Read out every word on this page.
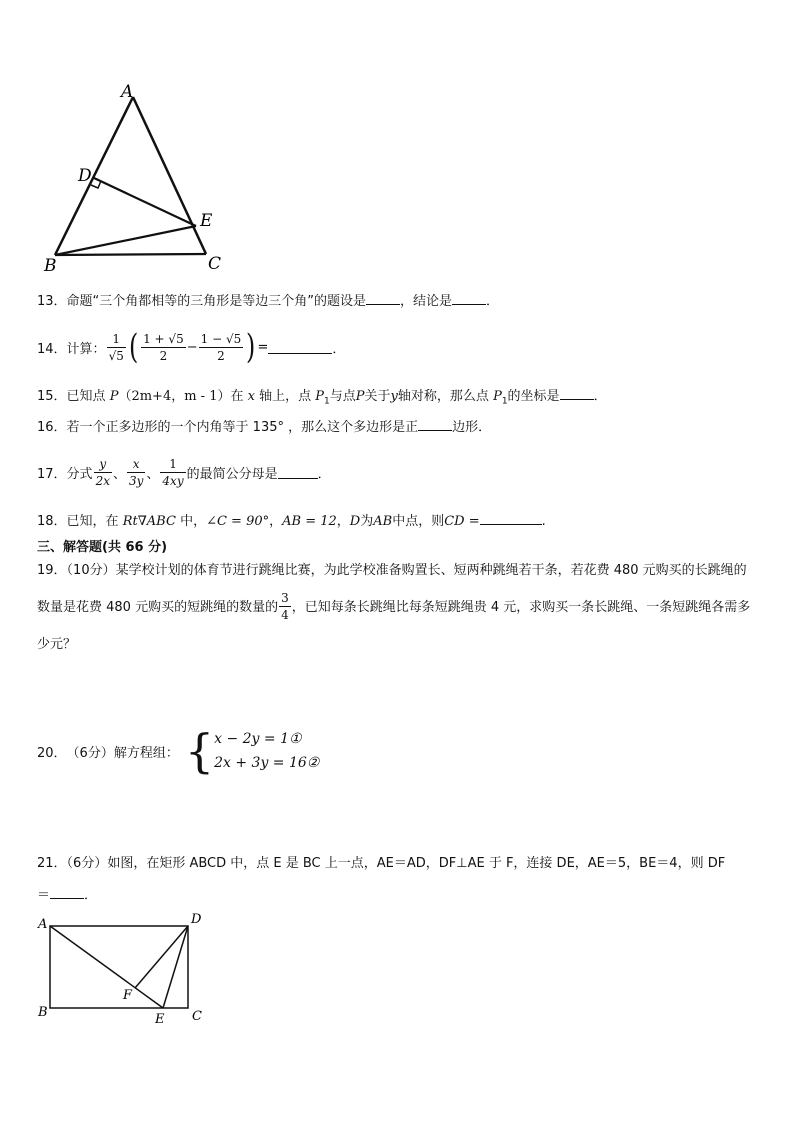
A
D
E
B	C
13．命题“三个角都相等的三角形是等边三个角”的题设是	，结论是	．
14． 计算： $\frac{1}{√5}$ ( $\frac{1 + √5}{2} - \frac{1 - √5}{2}$ ) =	．
15．已知点 P（2m+4，m - 1）在 x 轴上，点 $P_1$与点P关于y轴对称，那么点 $P_1$的坐标是	．
16．若一个正多边形的一个内角等于 135° ，那么这个多边形是正	边形．
17． 分式 $\frac{y}{2x}$ 、 $\frac{x}{3y}$ 、 $\frac{1}{4xy}$ 的最简公分母是	．
18．已知，在 Rt∇ABC 中，∠C = 90°，AB = 12，D为AB中点，则CD =	.
三、解答题(共 66 分)
19．（10分）某学校计划的体育节进行跳绳比赛，为此学校准备购置长、短两种跳绳若干条，若花费 480 元购买的长跳绳的数量是花费 480 元购买的短跳绳的数量的 $\frac{3}{4}$ ，已知每条长跳绳比每条短跳绳贵 4 元，求购买一条长跳绳、一条短跳绳各需多少元？
20． （6分）解方程组： { x − 2y = 1①
2x + 3y = 16②
21．（6分）如图，在矩形 ABCD 中，点 E 是 BC 上一点，AE＝AD，DF⊥AE 于 F，连接 DE，AE＝5，BE＝4，则 DF
＝	．
A	D
B	E C
F
